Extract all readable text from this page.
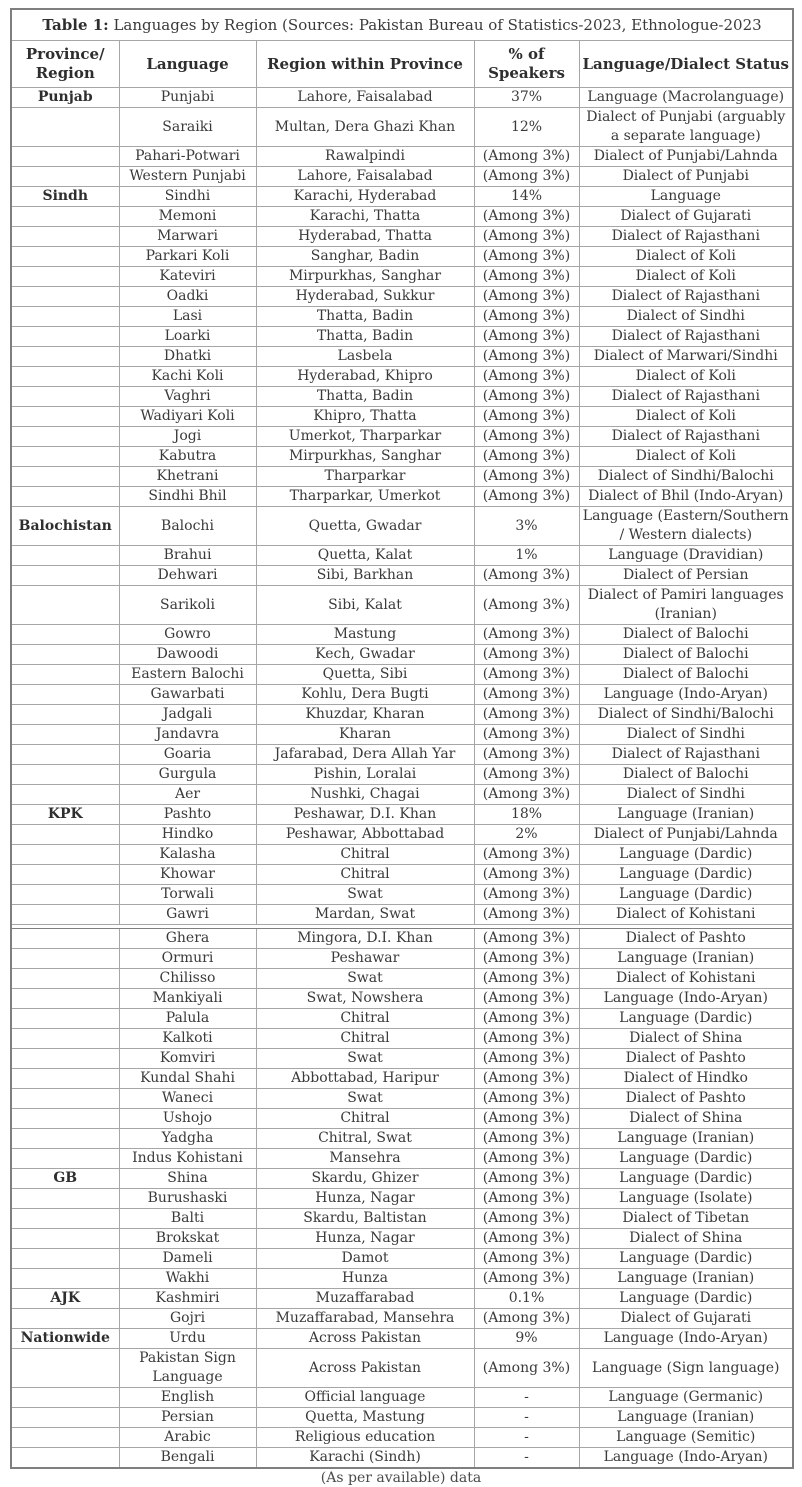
Table 1: Languages by Region (Sources: Pakistan Bureau of Statistics-2023, Ethnologue-2023				
Province/ Region	Language	Region within Province	% of Speakers	Language/Dialect Status
Punjab	Punjabi	Lahore, Faisalabad	37%	Language (Macrolanguage)
	Saraiki	Multan, Dera Ghazi Khan	12%	Dialect of Punjabi (arguably a separate language)
	Pahari-Potwari	Rawalpindi	(Among 3%)	Dialect of Punjabi/Lahnda
	Western Punjabi	Lahore, Faisalabad	(Among 3%)	Dialect of Punjabi
Sindh	Sindhi	Karachi, Hyderabad	14%	Language
	Memoni	Karachi, Thatta	(Among 3%)	Dialect of Gujarati
	Marwari	Hyderabad, Thatta	(Among 3%)	Dialect of Rajasthani
	Parkari Koli	Sanghar, Badin	(Among 3%)	Dialect of Koli
	Kateviri	Mirpurkhas, Sanghar	(Among 3%)	Dialect of Koli
	Oadki	Hyderabad, Sukkur	(Among 3%)	Dialect of Rajasthani
	Lasi	Thatta, Badin	(Among 3%)	Dialect of Sindhi
	Loarki	Thatta, Badin	(Among 3%)	Dialect of Rajasthani
	Dhatki	Lasbela	(Among 3%)	Dialect of Marwari/Sindhi
	Kachi Koli	Hyderabad, Khipro	(Among 3%)	Dialect of Koli
	Vaghri	Thatta, Badin	(Among 3%)	Dialect of Rajasthani
	Wadiyari Koli	Khipro, Thatta	(Among 3%)	Dialect of Koli
	Jogi	Umerkot, Tharparkar	(Among 3%)	Dialect of Rajasthani
	Kabutra	Mirpurkhas, Sanghar	(Among 3%)	Dialect of Koli
	Khetrani	Tharparkar	(Among 3%)	Dialect of Sindhi/Balochi
	Sindhi Bhil	Tharparkar, Umerkot	(Among 3%)	Dialect of Bhil (Indo-Aryan)
Balochistan	Balochi	Quetta, Gwadar	3%	Language (Eastern/Southern / Western dialects)
	Brahui	Quetta, Kalat	1%	Language (Dravidian)
	Dehwari	Sibi, Barkhan	(Among 3%)	Dialect of Persian
	Sarikoli	Sibi, Kalat	(Among 3%)	Dialect of Pamiri languages (Iranian)
	Gowro	Mastung	(Among 3%)	Dialect of Balochi
	Dawoodi	Kech, Gwadar	(Among 3%)	Dialect of Balochi
	Eastern Balochi	Quetta, Sibi	(Among 3%)	Dialect of Balochi
	Gawarbati	Kohlu, Dera Bugti	(Among 3%)	Language (Indo-Aryan)
	Jadgali	Khuzdar, Kharan	(Among 3%)	Dialect of Sindhi/Balochi
	Jandavra	Kharan	(Among 3%)	Dialect of Sindhi
	Goaria	Jafarabad, Dera Allah Yar	(Among 3%)	Dialect of Rajasthani
	Gurgula	Pishin, Loralai	(Among 3%)	Dialect of Balochi
	Aer	Nushki, Chagai	(Among 3%)	Dialect of Sindhi
KPK	Pashto	Peshawar, D.I. Khan	18%	Language (Iranian)
	Hindko	Peshawar, Abbottabad	2%	Dialect of Punjabi/Lahnda
	Kalasha	Chitral	(Among 3%)	Language (Dardic)
	Khowar	Chitral	(Among 3%)	Language (Dardic)
	Torwali	Swat	(Among 3%)	Language (Dardic)
	Gawri	Mardan, Swat	(Among 3%)	Dialect of Kohistani

	Ghera	Mingora, D.I. Khan	(Among 3%)	Dialect of Pashto
	Ormuri	Peshawar	(Among 3%)	Language (Iranian)
	Chilisso	Swat	(Among 3%)	Dialect of Kohistani
	Mankiyali	Swat, Nowshera	(Among 3%)	Language (Indo-Aryan)
	Palula	Chitral	(Among 3%)	Language (Dardic)
	Kalkoti	Chitral	(Among 3%)	Dialect of Shina
	Komviri	Swat	(Among 3%)	Dialect of Pashto
	Kundal Shahi	Abbottabad, Haripur	(Among 3%)	Dialect of Hindko
	Waneci	Swat	(Among 3%)	Dialect of Pashto
	Ushojo	Chitral	(Among 3%)	Dialect of Shina
	Yadgha	Chitral, Swat	(Among 3%)	Language (Iranian)
	Indus Kohistani	Mansehra	(Among 3%)	Language (Dardic)
GB	Shina	Skardu, Ghizer	(Among 3%)	Language (Dardic)
	Burushaski	Hunza, Nagar	(Among 3%)	Language (Isolate)
	Balti	Skardu, Baltistan	(Among 3%)	Dialect of Tibetan
	Brokskat	Hunza, Nagar	(Among 3%)	Dialect of Shina
	Dameli	Damot	(Among 3%)	Language (Dardic)
	Wakhi	Hunza	(Among 3%)	Language (Iranian)
AJK	Kashmiri	Muzaffarabad	0.1%	Language (Dardic)
	Gojri	Muzaffarabad, Mansehra	(Among 3%)	Dialect of Gujarati
Nationwide	Urdu	Across Pakistan	9%	Language (Indo-Aryan)
	Pakistan Sign Language	Across Pakistan	(Among 3%)	Language (Sign language)
	English	Official language	-	Language (Germanic)
	Persian	Quetta, Mastung	-	Language (Iranian)
	Arabic	Religious education	-	Language (Semitic)
	Bengali	Karachi (Sindh)	-	Language (Indo-Aryan)
(As per available) data
